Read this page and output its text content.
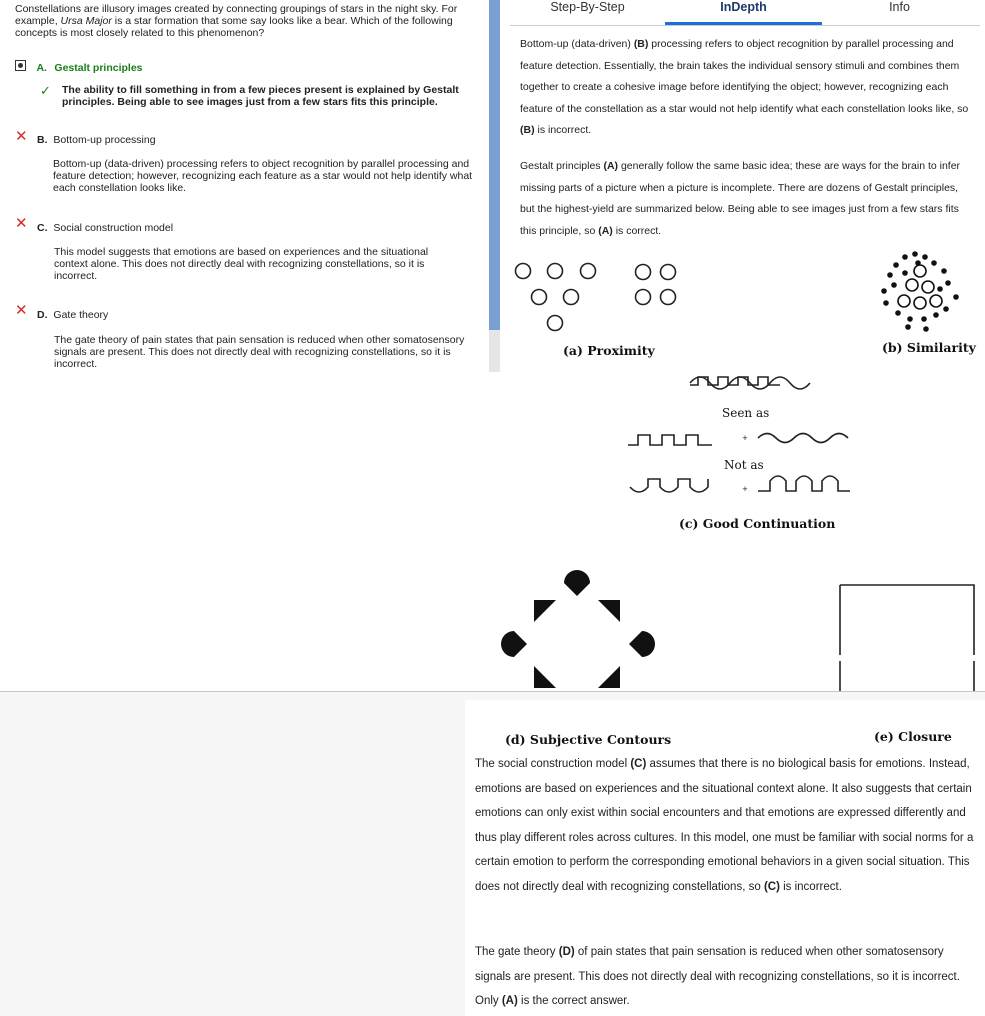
Constellations are illusory images created by connecting groupings of stars in the night sky. For example, Ursa Major is a star formation that some say looks like a bear. Which of the following concepts is most closely related to this phenomenon?
A. Gestalt principles
✓ The ability to fill something in from a few pieces present is explained by Gestalt principles. Being able to see images just from a few stars fits this principle.
✕ B. Bottom-up processing
Bottom-up (data-driven) processing refers to object recognition by parallel processing and feature detection; however, recognizing each feature as a star would not help identify what each constellation looks like.
✕ C. Social construction model
This model suggests that emotions are based on experiences and the situational context alone. This does not directly deal with recognizing constellations, so it is incorrect.
✕ D. Gate theory
The gate theory of pain states that pain sensation is reduced when other somatosensory signals are present. This does not directly deal with recognizing constellations, so it is incorrect.
Step-By-Step	InDepth	Info
Bottom-up (data-driven) (B) processing refers to object recognition by parallel processing and feature detection. Essentially, the brain takes the individual sensory stimuli and combines them together to create a cohesive image before identifying the object; however, recognizing each feature of the constellation as a star would not help identify what each constellation looks like, so (B) is incorrect.
Gestalt principles (A) generally follow the same basic idea; these are ways for the brain to infer missing parts of a picture when a picture is incomplete. There are dozens of Gestalt principles, but the highest-yield are summarized below. Being able to see images just from a few stars fits this principle, so (A) is correct.
+
+
(a) Proximity	(b) Similarity
Seen as
Not as
(c) Good Continuation
(d) Subjective Contours	(e) Closure
The social construction model (C) assumes that there is no biological basis for emotions. Instead, emotions are based on experiences and the situational context alone. It also suggests that certain emotions can only exist within social encounters and that emotions are expressed differently and thus play different roles across cultures. In this model, one must be familiar with social norms for a certain emotion to perform the corresponding emotional behaviors in a given social situation. This does not directly deal with recognizing constellations, so (C) is incorrect.
The gate theory (D) of pain states that pain sensation is reduced when other somatosensory signals are present. This does not directly deal with recognizing constellations, so it is incorrect. Only (A) is the correct answer.
